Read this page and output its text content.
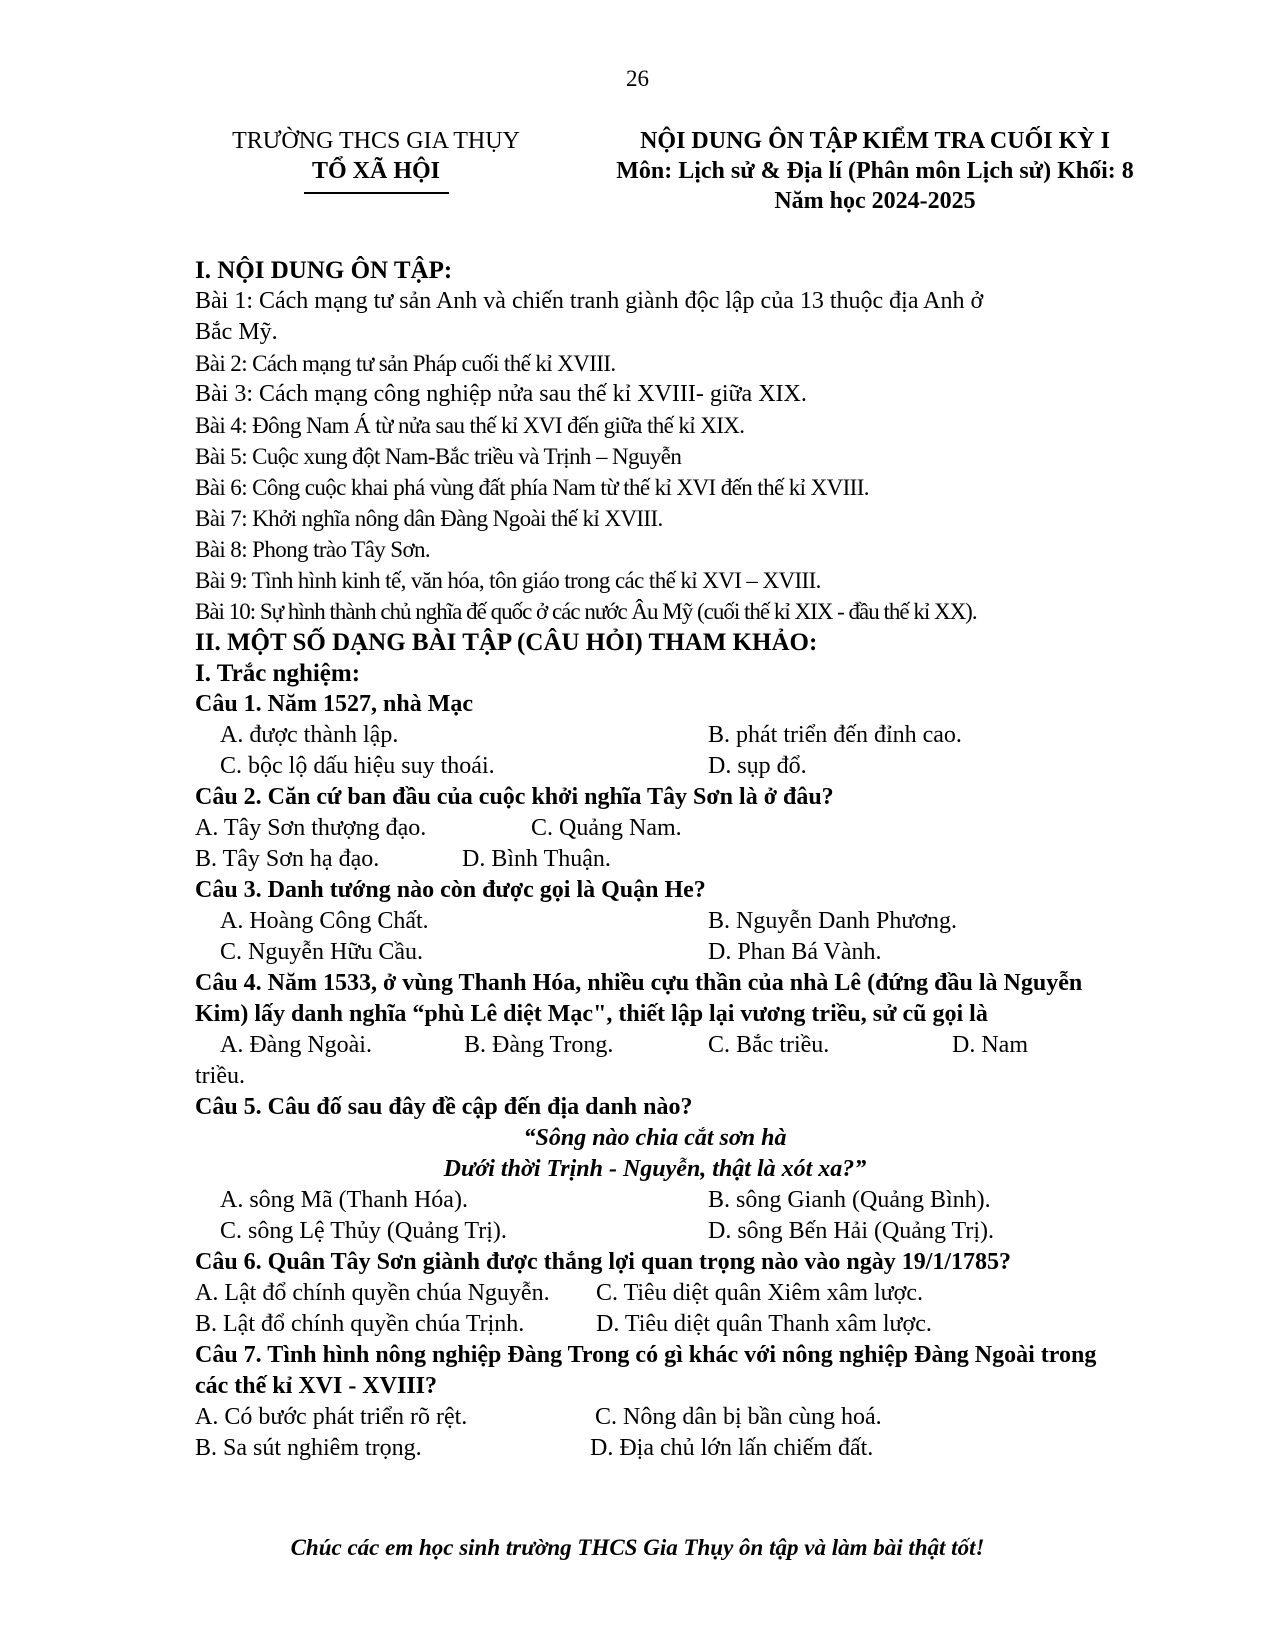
26
TRƯỜNG THCS GIA THỤY
TỔ XÃ HỘI
NỘI DUNG ÔN TẬP KIỂM TRA CUỐI KỲ I
Môn: Lịch sử & Địa lí (Phân môn Lịch sử) Khối: 8
Năm học 2024-2025
I. NỘI DUNG ÔN TẬP:
Bài 1: Cách mạng tư sản Anh và chiến tranh giành độc lập của 13 thuộc địa Anh ở
Bắc Mỹ.
Bài 2: Cách mạng tư sản Pháp cuối thế kỉ XVIII.
Bài 3: Cách mạng công nghiệp nửa sau thế kỉ XVIII- giữa XIX.
Bài 4: Đông Nam Á từ nửa sau thế kỉ XVI đến giữa thế kỉ XIX.
Bài 5: Cuộc xung đột Nam-Bắc triều và Trịnh – Nguyễn
Bài 6: Công cuộc khai phá vùng đất phía Nam từ thế kỉ XVI đến thế kỉ XVIII.
Bài 7: Khởi nghĩa nông dân Đàng Ngoài thế kỉ XVIII.
Bài 8: Phong trào Tây Sơn.
Bài 9: Tình hình kinh tế, văn hóa, tôn giáo trong các thế kỉ XVI – XVIII.
Bài 10: Sự hình thành chủ nghĩa đế quốc ở các nước Âu Mỹ (cuối thế kỉ XIX - đầu thế kỉ XX).
II. MỘT SỐ DẠNG BÀI TẬP (CÂU HỎI) THAM KHẢO:
I. Trắc nghiệm:
Câu 1. Năm 1527, nhà Mạc
A. được thành lập.	B. phát triển đến đỉnh cao.
C. bộc lộ dấu hiệu suy thoái.	D. sụp đổ.
Câu 2. Căn cứ ban đầu của cuộc khởi nghĩa Tây Sơn là ở đâu?
A. Tây Sơn thượng đạo.	C. Quảng Nam.
B. Tây Sơn hạ đạo.	D. Bình Thuận.
Câu 3. Danh tướng nào còn được gọi là Quận He?
A. Hoàng Công Chất.	B. Nguyễn Danh Phương.
C. Nguyễn Hữu Cầu.	D. Phan Bá Vành.
Câu 4. Năm 1533, ở vùng Thanh Hóa, nhiều cựu thần của nhà Lê (đứng đầu là Nguyễn Kim) lấy danh nghĩa “phù Lê diệt Mạc", thiết lập lại vương triều, sử cũ gọi là
A. Đàng Ngoài.	B. Đàng Trong.	C. Bắc triều.	D. Nam
triều.
Câu 5. Câu đố sau đây đề cập đến địa danh nào?
“Sông nào chia cắt sơn hà
Dưới thời Trịnh - Nguyễn, thật là xót xa?”
A. sông Mã (Thanh Hóa).	B. sông Gianh (Quảng Bình).
C. sông Lệ Thủy (Quảng Trị).	D. sông Bến Hải (Quảng Trị).
Câu 6. Quân Tây Sơn giành được thắng lợi quan trọng nào vào ngày 19/1/1785?
A. Lật đổ chính quyền chúa Nguyễn.	C. Tiêu diệt quân Xiêm xâm lược.
B. Lật đổ chính quyền chúa Trịnh.	D. Tiêu diệt quân Thanh xâm lược.
Câu 7. Tình hình nông nghiệp Đàng Trong có gì khác với nông nghiệp Đàng Ngoài trong các thế kỉ XVI - XVIII?
A. Có bước phát triển rõ rệt.	C. Nông dân bị bần cùng hoá.
B. Sa sút nghiêm trọng.	D. Địa chủ lớn lấn chiếm đất.
Chúc các em học sinh trường THCS Gia Thụy ôn tập và làm bài thật tốt!
